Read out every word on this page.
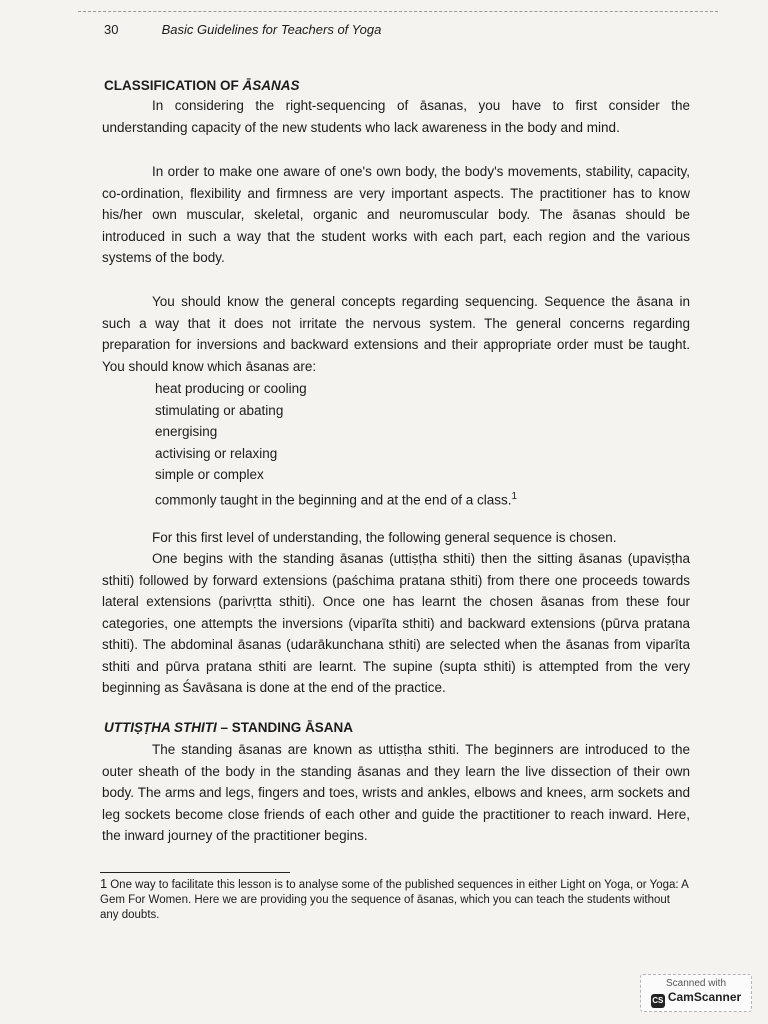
30	Basic Guidelines for Teachers of Yoga
CLASSIFICATION OF ĀSANAS

In considering the right-sequencing of āsanas, you have to first consider the understanding capacity of the new students who lack awareness in the body and mind.

In order to make one aware of one's own body, the body's movements, stability, capacity, co-ordination, flexibility and firmness are very important aspects. The practitioner has to know his/her own muscular, skeletal, organic and neuromuscular body. The āsanas should be introduced in such a way that the student works with each part, each region and the various systems of the body.

You should know the general concepts regarding sequencing. Sequence the āsana in such a way that it does not irritate the nervous system. The general concerns regarding preparation for inversions and backward extensions and their appropriate order must be taught. You should know which āsanas are:

heat producing or cooling
stimulating or abating
energising
activising or relaxing
simple or complex
commonly taught in the beginning and at the end of a class.$^1$

For this first level of understanding, the following general sequence is chosen.

One begins with the standing āsanas (uttiṣṭha sthiti) then the sitting āsanas (upaviṣṭha sthiti) followed by forward extensions (paśchima pratana sthiti) from there one proceeds towards lateral extensions (parivṛtta sthiti). Once one has learnt the chosen āsanas from these four categories, one attempts the inversions (viparīta sthiti) and backward extensions (pūrva pratana sthiti). The abdominal āsanas (udarākunchana sthiti) are selected when the āsanas from viparīta sthiti and pūrva pratana sthiti are learnt. The supine (supta sthiti) is attempted from the very beginning as Śavāsana is done at the end of the practice.

UTTIṢṬHA STHITI – STANDING ĀSANA

The standing āsanas are known as uttiṣṭha sthiti. The beginners are introduced to the outer sheath of the body in the standing āsanas and they learn the live dissection of their own body. The arms and legs, fingers and toes, wrists and ankles, elbows and knees, arm sockets and leg sockets become close friends of each other and guide the practitioner to reach inward. Here, the inward journey of the practitioner begins.

1 One way to facilitate this lesson is to analyse some of the published sequences in either Light on Yoga, or Yoga: A Gem For Women. Here we are providing you the sequence of āsanas, which you can teach the students without any doubts.

Scanned with
CS CamScanner
